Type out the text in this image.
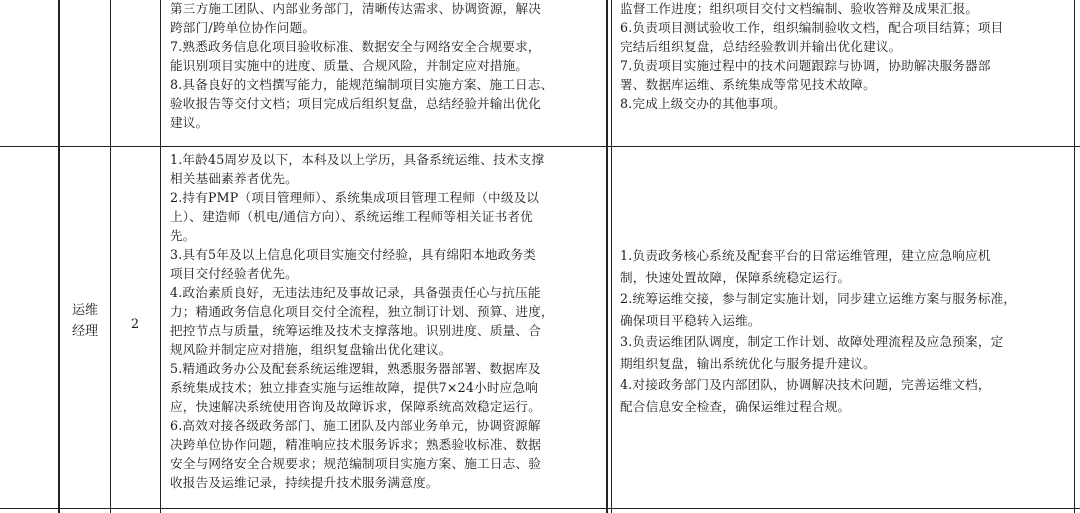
第三方施工团队、内部业务部门，清晰传达需求、协调资源，解决
跨部门/跨单位协作问题。
7.熟悉政务信息化项目验收标准、数据安全与网络安全合规要求，
能识别项目实施中的进度、质量、合规风险，并制定应对措施。
8.具备良好的文档撰写能力，能规范编制项目实施方案、施工日志、
验收报告等交付文档；项目完成后组织复盘，总结经验并输出优化
建议。
监督工作进度；组织项目交付文档编制、验收答辩及成果汇报。
6.负责项目测试验收工作，组织编制验收文档，配合项目结算；项目
完结后组织复盘，总结经验教训并输出优化建议。
7.负责项目实施过程中的技术问题跟踪与协调，协助解决服务器部
署、数据库运维、系统集成等常见技术故障。
8.完成上级交办的其他事项。
运维
经理	2
1.年龄45周岁及以下，本科及以上学历，具备系统运维、技术支撑
相关基础素养者优先。
2.持有PMP（项目管理师）、系统集成项目管理工程师（中级及以
上）、建造师（机电/通信方向）、系统运维工程师等相关证书者优
先。
3.具有5年及以上信息化项目实施交付经验，具有绵阳本地政务类
项目交付经验者优先。
4.政治素质良好，无违法违纪及事故记录，具备强责任心与抗压能
力；精通政务信息化项目交付全流程，独立制订计划、预算、进度，
把控节点与质量，统筹运维及技术支撑落地。识别进度、质量、合
规风险并制定应对措施，组织复盘输出优化建议。
5.精通政务办公及配套系统运维逻辑，熟悉服务器部署、数据库及
系统集成技术；独立排查实施与运维故障，提供7×24小时应急响
应，快速解决系统使用咨询及故障诉求，保障系统高效稳定运行。
6.高效对接各级政务部门、施工团队及内部业务单元，协调资源解
决跨单位协作问题，精准响应技术服务诉求；熟悉验收标准、数据
安全与网络安全合规要求；规范编制项目实施方案、施工日志、验
收报告及运维记录，持续提升技术服务满意度。
1.负责政务核心系统及配套平台的日常运维管理，建立应急响应机
制，快速处置故障，保障系统稳定运行。
2.统筹运维交接，参与制定实施计划，同步建立运维方案与服务标准，
确保项目平稳转入运维。
3.负责运维团队调度，制定工作计划、故障处理流程及应急预案，定
期组织复盘，输出系统优化与服务提升建议。
4.对接政务部门及内部团队，协调解决技术问题，完善运维文档，
配合信息安全检查，确保运维过程合规。
